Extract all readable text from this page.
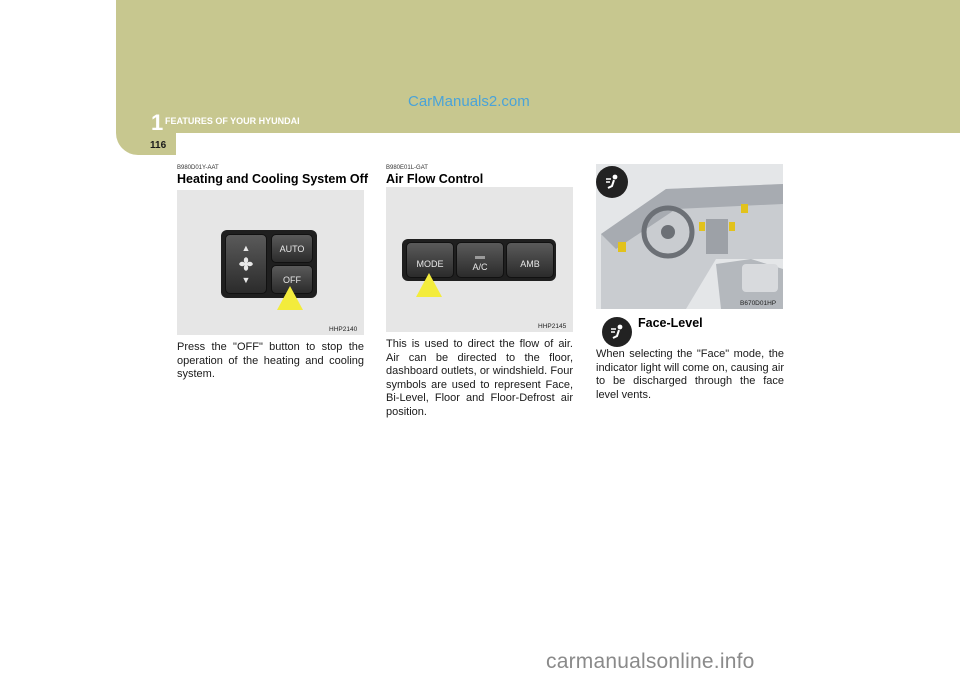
1 FEATURES OF YOUR HYUNDAI
CarManuals2.com
116
B980D01Y-AAT
Heating and Cooling System Off
▲
▼
AUTO
OFF
HHP2140
Press the "OFF" button to stop the operation of the heating and cooling system.
B980E01L-GAT
Air Flow Control
MODE	A/C	AMB
HHP2145
This is used to direct the flow of air. Air can be directed to the floor, dashboard outlets, or windshield. Four symbols are used to represent Face, Bi-Level, Floor and Floor-Defrost air position.
B670D01HP
Face-Level
When selecting the "Face" mode, the indicator light will come on, causing air to be discharged through the face level vents.
carmanualsonline.info
